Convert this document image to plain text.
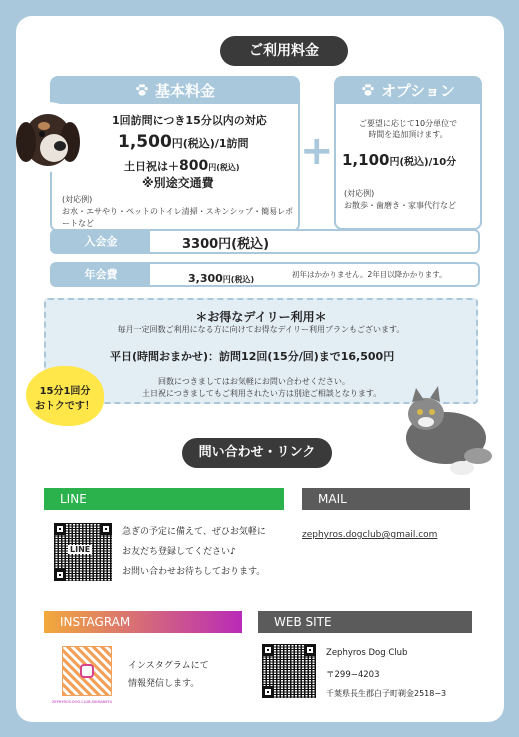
ご利用料金
基本料金
1回訪問につき15分以内の対応
1,500円(税込)/1訪問
土日祝は＋800円(税込)
※別途交通費
(対応例)
お水・エサやり・ペットのトイレ清掃・スキンシップ・簡易レポートなど
+
オプション
ご要望に応じて10分単位で
時間を追加頂けます。
1,100円(税込)/10分
(対応例)
お散歩・歯磨き・家事代行など
入会金	3300円(税込)
年会費	3,300円(税込)
初年はかかりません。2年目以降かかります。
＊お得なデイリー利用＊
毎月一定回数ご利用になる方に向けてお得なデイリー利用プランもございます。
平日(時間おまかせ)：訪問12回(15分/回)まで16,500円
回数につきましてはお気軽にお問い合わせください。
土日祝につきましてもご利用されたい方は別途ご相談となります。
15分1回分
おトクです！
問い合わせ・リンク
LINE
LINE
急ぎの予定に備えて、ぜひお気軽に
お友だち登録してください♪
お問い合わせお待ちしております。
MAIL
zephyros.dogclub@gmail.com
INSTAGRAM
ZEPHYROS.DOG.CLUB.SHIMANEFU
インスタグラムにて
情報発信します。
WEB SITE
Zephyros Dog Club
〒299−4203
千葉県長生郡白子町剃金2518−3
